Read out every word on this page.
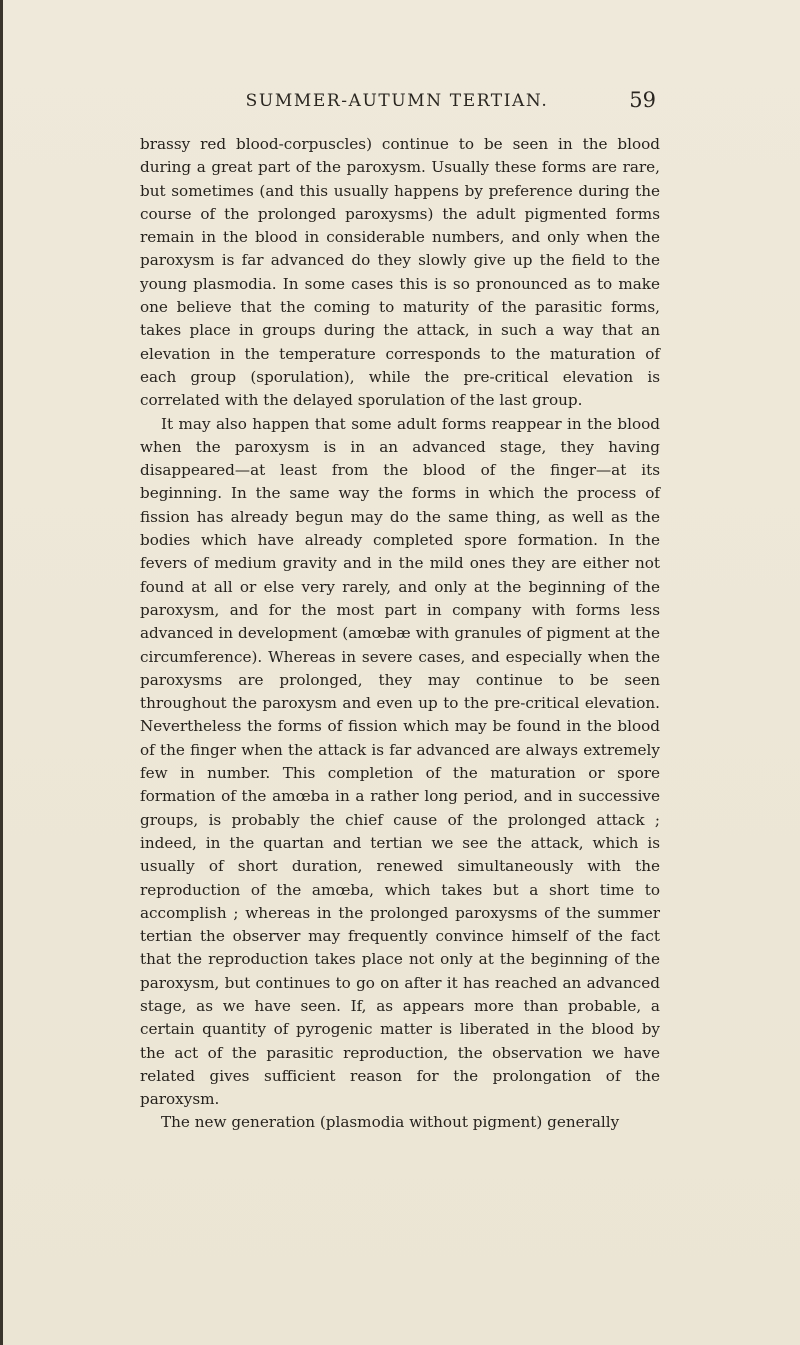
SUMMER-AUTUMN TERTIAN.	59

brassy red blood-corpuscles) continue to be seen in the blood during a great part of the paroxysm. Usually these forms are rare, but sometimes (and this usually happens by preference during the course of the prolonged paroxysms) the adult pigmented forms remain in the blood in considerable numbers, and only when the paroxysm is far advanced do they slowly give up the field to the young plasmodia. In some cases this is so pronounced as to make one believe that the coming to maturity of the parasitic forms, takes place in groups during the attack, in such a way that an elevation in the temperature corresponds to the maturation of each group (sporulation), while the pre-critical elevation is correlated with the delayed sporulation of the last group.

It may also happen that some adult forms reappear in the blood when the paroxysm is in an advanced stage, they having disappeared—at least from the blood of the finger—at its beginning. In the same way the forms in which the process of fission has already begun may do the same thing, as well as the bodies which have already completed spore formation. In the fevers of medium gravity and in the mild ones they are either not found at all or else very rarely, and only at the beginning of the paroxysm, and for the most part in company with forms less advanced in development (amœbæ with granules of pigment at the circumference). Whereas in severe cases, and especially when the paroxysms are prolonged, they may continue to be seen throughout the paroxysm and even up to the pre-critical elevation. Nevertheless the forms of fission which may be found in the blood of the finger when the attack is far advanced are always extremely few in number. This completion of the maturation or spore formation of the amœba in a rather long period, and in successive groups, is probably the chief cause of the prolonged attack ; indeed, in the quartan and tertian we see the attack, which is usually of short duration, renewed simultaneously with the reproduction of the amœba, which takes but a short time to accomplish ; whereas in the prolonged paroxysms of the summer tertian the observer may frequently convince himself of the fact that the reproduction takes place not only at the beginning of the paroxysm, but continues to go on after it has reached an advanced stage, as we have seen. If, as appears more than probable, a certain quantity of pyrogenic matter is liberated in the blood by the act of the parasitic reproduction, the observation we have related gives sufficient reason for the prolongation of the paroxysm.

The new generation (plasmodia without pigment) generally
